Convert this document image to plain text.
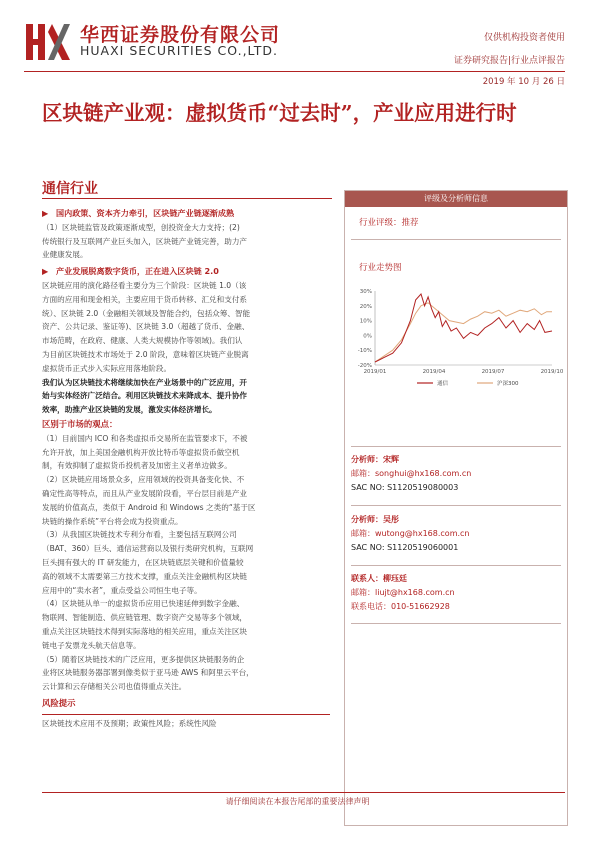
华西证券股份有限公司
HUAXI SECURITIES CO.,LTD.
仅供机构投资者使用
证券研究报告|行业点评报告
2019 年 10 月 26 日
区块链产业观：虚拟货币“过去时”，产业应用进行时
通信行业
▶ 国内政策、资本齐力牵引，区块链产业链逐渐成熟

（1）区块链监管及政策逐渐成型，创投资金大力支持；(2)

传统银行及互联网产业巨头加入，区块链产业链完善，助力产

业健康发展。

▶ 产业发展脱离数字货币，正在进入区块链 2.0

区块链应用的演化路径看主要分为三个阶段：区块链 1.0（该

方面的应用和现金相关，主要应用于货币转移、汇兑和支付系

统）、区块链 2.0（金融相关领域及智能合约，包括众筹、智能

资产、公共记录、鉴证等)、区块链 3.0（超越了货币、金融、

市场范畴，在政府、健康、人类大规模协作等领域)。我们认

为目前区块链技术市场处于 2.0 阶段，意味着区块链产业脱离

虚拟货币正式步入实际应用落地阶段。

我们认为区块链技术将继续加快在产业场景中的广泛应用，开

始与实体经济广泛结合。利用区块链技术来降成本、提升协作

效率，助推产业区块链的发展，激发实体经济增长。

区别于市场的观点：

（1）目前国内 ICO 和各类虚拟币交易所在监管要求下，不被

允许开放，加上美国金融机构开放比特币等虚拟货币做空机

制，有效抑制了虚拟货币投机者及加密主义者单边做多。

（2）区块链应用场景众多，应用领域的投资具备变化快、不

确定性高等特点，而且从产业发展阶段看，平台层目前是产业

发展的价值高点，类似于 Android 和 Windows 之类的“基于区

块链的操作系统”平台将会成为投资重点。

（3）从我国区块链技术专利分布看，主要包括互联网公司

（BAT、360）巨头、通信运营商以及银行类研究机构，互联网

巨头拥有强大的 IT 研发能力，在区块链底层关键和价值量较

高的领域不太需要第三方技术支撑，重点关注金融机构区块链

应用中的“卖水者”，重点受益公司恒生电子等。

（4）区块链从单一的虚拟货币应用已快速延伸到数字金融、

物联网、智能制造、供应链管理、数字资产交易等多个领域，

重点关注区块链技术得到实际落地的相关应用，重点关注区块

链电子发票龙头航天信息等。

（5）随着区块链技术的广泛应用，更多提供区块链服务的企

业将区块链服务器部署到像类似于亚马逊 AWS 和阿里云平台，

云计算和云存储相关公司也值得重点关注。

风险提示

区块链技术应用不及预期；政策性风险；系统性风险

评级及分析师信息
行业评级：推荐
行业走势图
30%
20%
10%
0%
-10%
-20%
2019/01	2019/04	2019/07	2019/10
通信	沪深300
分析师：宋辉
邮箱：songhui@hx168.com.cn
SAC NO: S1120519080003
分析师：吴彤
邮箱：wutong@hx168.com.cn
SAC NO: S1120519060001
联系人：柳珏廷
邮箱：liujt@hx168.com.cn
联系电话：010-51662928
请仔细阅读在本报告尾部的重要法律声明
